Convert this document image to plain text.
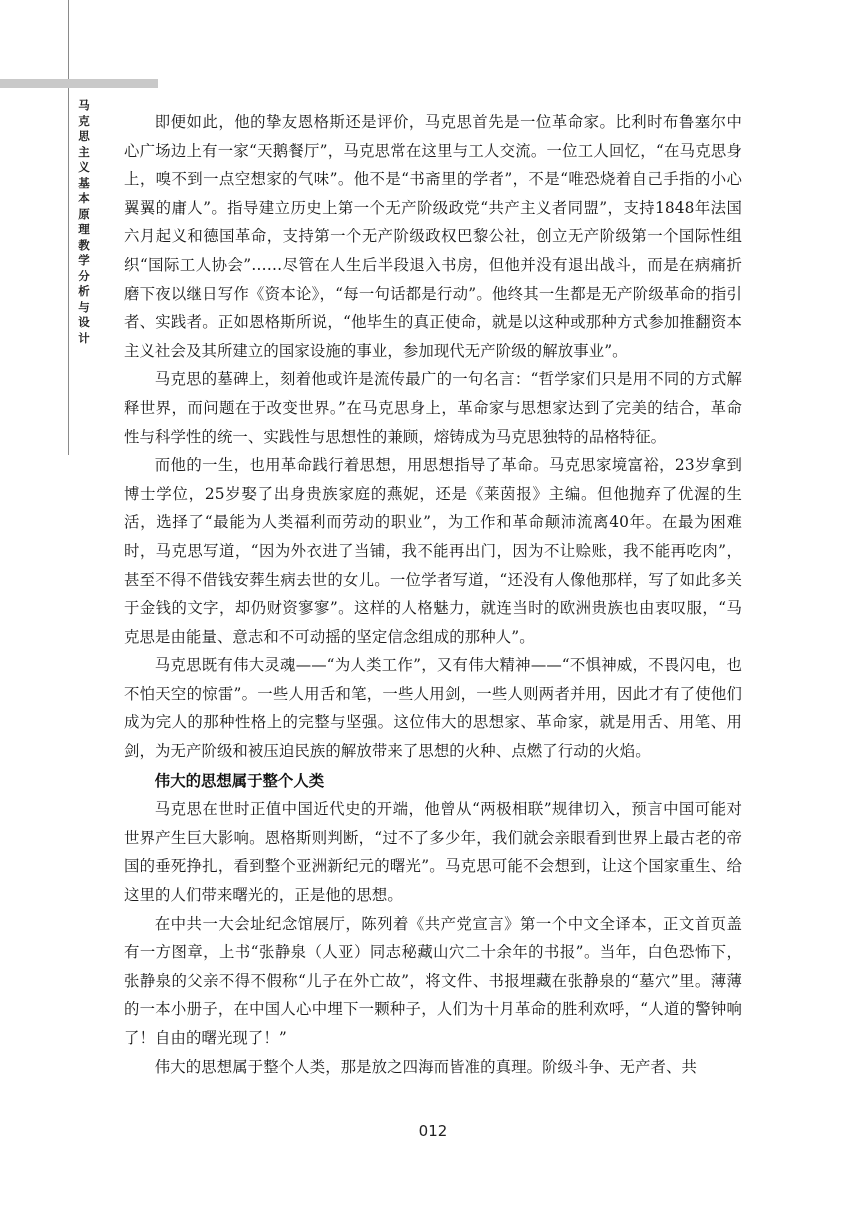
马克思主义基本原理教学分析与设计

即便如此，他的挚友恩格斯还是评价，马克思首先是一位革命家。比利时布鲁塞尔中心广场边上有一家“天鹅餐厅”，马克思常在这里与工人交流。一位工人回忆，“在马克思身上，嗅不到一点空想家的气味”。他不是“书斋里的学者”，不是“唯恐烧着自己手指的小心翼翼的庸人”。指导建立历史上第一个无产阶级政党“共产主义者同盟”，支持1848年法国六月起义和德国革命，支持第一个无产阶级政权巴黎公社，创立无产阶级第一个国际性组织“国际工人协会”……尽管在人生后半段退入书房，但他并没有退出战斗，而是在病痛折磨下夜以继日写作《资本论》，“每一句话都是行动”。他终其一生都是无产阶级革命的指引者、实践者。正如恩格斯所说，“他毕生的真正使命，就是以这种或那种方式参加推翻资本主义社会及其所建立的国家设施的事业，参加现代无产阶级的解放事业”。

马克思的墓碑上，刻着他或许是流传最广的一句名言：“哲学家们只是用不同的方式解释世界，而问题在于改变世界。”在马克思身上，革命家与思想家达到了完美的结合，革命性与科学性的统一、实践性与思想性的兼顾，熔铸成为马克思独特的品格特征。

而他的一生，也用革命践行着思想，用思想指导了革命。马克思家境富裕，23岁拿到博士学位，25岁娶了出身贵族家庭的燕妮，还是《莱茵报》主编。但他抛弃了优渥的生活，选择了“最能为人类福利而劳动的职业”，为工作和革命颠沛流离40年。在最为困难时，马克思写道，“因为外衣进了当铺，我不能再出门，因为不让赊账，我不能再吃肉”，甚至不得不借钱安葬生病去世的女儿。一位学者写道，“还没有人像他那样，写了如此多关于金钱的文字，却仍财资寥寥”。这样的人格魅力，就连当时的欧洲贵族也由衷叹服，“马克思是由能量、意志和不可动摇的坚定信念组成的那种人”。

马克思既有伟大灵魂——“为人类工作”，又有伟大精神——“不惧神威，不畏闪电，也不怕天空的惊雷”。一些人用舌和笔，一些人用剑，一些人则两者并用，因此才有了使他们成为完人的那种性格上的完整与坚强。这位伟大的思想家、革命家，就是用舌、用笔、用剑，为无产阶级和被压迫民族的解放带来了思想的火种、点燃了行动的火焰。

伟大的思想属于整个人类

马克思在世时正值中国近代史的开端，他曾从“两极相联”规律切入，预言中国可能对世界产生巨大影响。恩格斯则判断，“过不了多少年，我们就会亲眼看到世界上最古老的帝国的垂死挣扎，看到整个亚洲新纪元的曙光”。马克思可能不会想到，让这个国家重生、给这里的人们带来曙光的，正是他的思想。

在中共一大会址纪念馆展厅，陈列着《共产党宣言》第一个中文全译本，正文首页盖有一方图章，上书“张静泉（人亚）同志秘藏山穴二十余年的书报”。当年，白色恐怖下，张静泉的父亲不得不假称“儿子在外亡故”，将文件、书报埋藏在张静泉的“墓穴”里。薄薄的一本小册子，在中国人心中埋下一颗种子，人们为十月革命的胜利欢呼，“人道的警钟响了！自由的曙光现了！”

伟大的思想属于整个人类，那是放之四海而皆准的真理。阶级斗争、无产者、共

012
